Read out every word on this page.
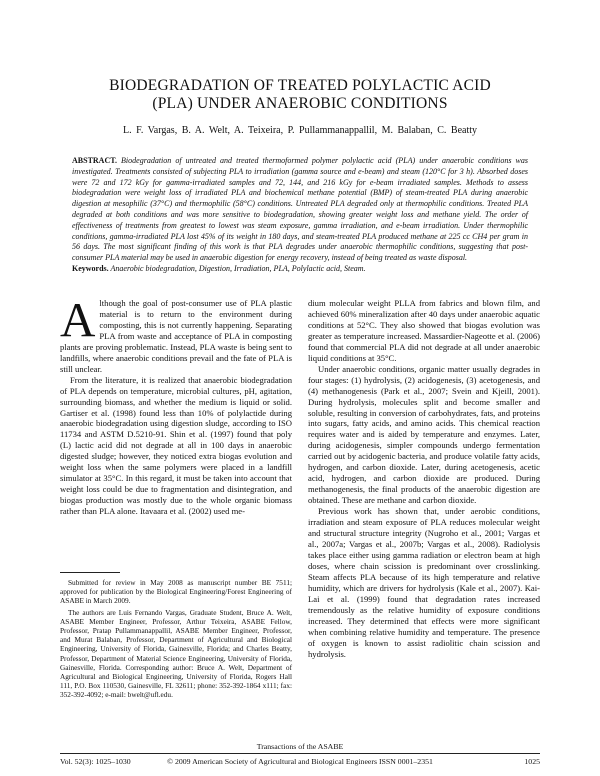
BIODEGRADATION OF TREATED POLYLACTIC ACID
(PLA) UNDER ANAEROBIC CONDITIONS
L. F. Vargas, B. A. Welt, A. Teixeira, P. Pullammanappallil, M. Balaban, C. Beatty
ABSTRACT. Biodegradation of untreated and treated thermoformed polymer polylactic acid (PLA) under anaerobic conditions was investigated. Treatments consisted of subjecting PLA to irradiation (gamma source and e-beam) and steam (120°C for 3 h). Absorbed doses were 72 and 172 kGy for gamma-irradiated samples and 72, 144, and 216 kGy for e-beam irradiated samples. Methods to assess biodegradation were weight loss of irradiated PLA and biochemical methane potential (BMP) of steam-treated PLA during anaerobic digestion at mesophilic (37°C) and thermophilic (58°C) conditions. Untreated PLA degraded only at thermophilic conditions. Treated PLA degraded at both conditions and was more sensitive to biodegradation, showing greater weight loss and methane yield. The order of effectiveness of treatments from greatest to lowest was steam exposure, gamma irradiation, and e-beam irradiation. Under thermophilic conditions, gamma-irradiated PLA lost 45% of its weight in 180 days, and steam-treated PLA produced methane at 225 cc CH4 per gram in 56 days. The most significant finding of this work is that PLA degrades under anaerobic thermophilic conditions, suggesting that post-consumer PLA material may be used in anaerobic digestion for energy recovery, instead of being treated as waste disposal.
Keywords. Anaerobic biodegradation, Digestion, Irradiation, PLA, Polylactic acid, Steam.

Although the goal of post-consumer use of PLA plastic material is to return to the environment during composting, this is not currently happening. Separating PLA from waste and acceptance of PLA in composting plants are proving problematic. Instead, PLA waste is being sent to landfills, where anaerobic conditions prevail and the fate of PLA is still unclear.

From the literature, it is realized that anaerobic biodegradation of PLA depends on temperature, microbial cultures, pH, agitation, surrounding biomass, and whether the medium is liquid or solid. Gartiser et al. (1998) found less than 10% of polylactide during anaerobic biodegradation using digestion sludge, according to ISO 11734 and ASTM D.5210-91. Shin et al. (1997) found that poly (L) lactic acid did not degrade at all in 100 days in anaerobic digested sludge; however, they noticed extra biogas evolution and weight loss when the same polymers were placed in a landfill simulator at 35°C. In this regard, it must be taken into account that weight loss could be due to fragmentation and disintegration, and biogas production was mostly due to the whole organic biomass rather than PLA alone. Itavaara et al. (2002) used me-

dium molecular weight PLLA from fabrics and blown film, and achieved 60% mineralization after 40 days under anaerobic aquatic conditions at 52°C. They also showed that biogas evolution was greater as temperature increased. Massardier-Nageotte et al. (2006) found that commercial PLA did not degrade at all under anaerobic liquid conditions at 35°C.

Under anaerobic conditions, organic matter usually degrades in four stages: (1) hydrolysis, (2) acidogenesis, (3) acetogenesis, and (4) methanogenesis (Park et al., 2007; Svein and Kjeill, 2001). During hydrolysis, molecules split and become smaller and soluble, resulting in conversion of carbohydrates, fats, and proteins into sugars, fatty acids, and amino acids. This chemical reaction requires water and is aided by temperature and enzymes. Later, during acidogenesis, simpler compounds undergo fermentation carried out by acidogenic bacteria, and produce volatile fatty acids, hydrogen, and carbon dioxide. Later, during acetogenesis, acetic acid, hydrogen, and carbon dioxide are produced. During methanogenesis, the final products of the anaerobic digestion are obtained. These are methane and carbon dioxide.

Previous work has shown that, under aerobic conditions, irradiation and steam exposure of PLA reduces molecular weight and structural structure integrity (Nugroho et al., 2001; Vargas et al., 2007a; Vargas et al., 2007b; Vargas et al., 2008). Radiolysis takes place either using gamma radiation or electron beam at high doses, where chain scission is predominant over crosslinking. Steam affects PLA because of its high temperature and relative humidity, which are drivers for hydrolysis (Kale et al., 2007). Kai-Lai et al. (1999) found that degradation rates increased tremendously as the relative humidity of exposure conditions increased. They determined that effects were more significant when combining relative humidity and temperature. The presence of oxygen is known to assist radiolitic chain scission and hydrolysis.

Submitted for review in May 2008 as manuscript number BE 7511; approved for publication by the Biological Engineering/Forest Engineering of ASABE in March 2009.

The authors are Luis Fernando Vargas, Graduate Student, Bruce A. Welt, ASABE Member Engineer, Professor, Arthur Teixeira, ASABE Fellow, Professor, Pratap Pullammanappallil, ASABE Member Engineer, Professor, and Murat Balaban, Professor, Department of Agricultural and Biological Engineering, University of Florida, Gainesville, Florida; and Charles Beatty, Professor, Department of Material Science Engineering, University of Florida, Gainesville, Florida. Corresponding author: Bruce A. Welt, Department of Agricultural and Biological Engineering, University of Florida, Rogers Hall 111, P.O. Box 110530, Gainesville, FL 32611; phone: 352-392-1864 x111; fax: 352-392-4092; e-mail: bwelt@ufl.edu.

Transactions of the ASABE
Vol. 52(3): 1025–1030	© 2009 American Society of Agricultural and Biological Engineers ISSN 0001–2351	1025
